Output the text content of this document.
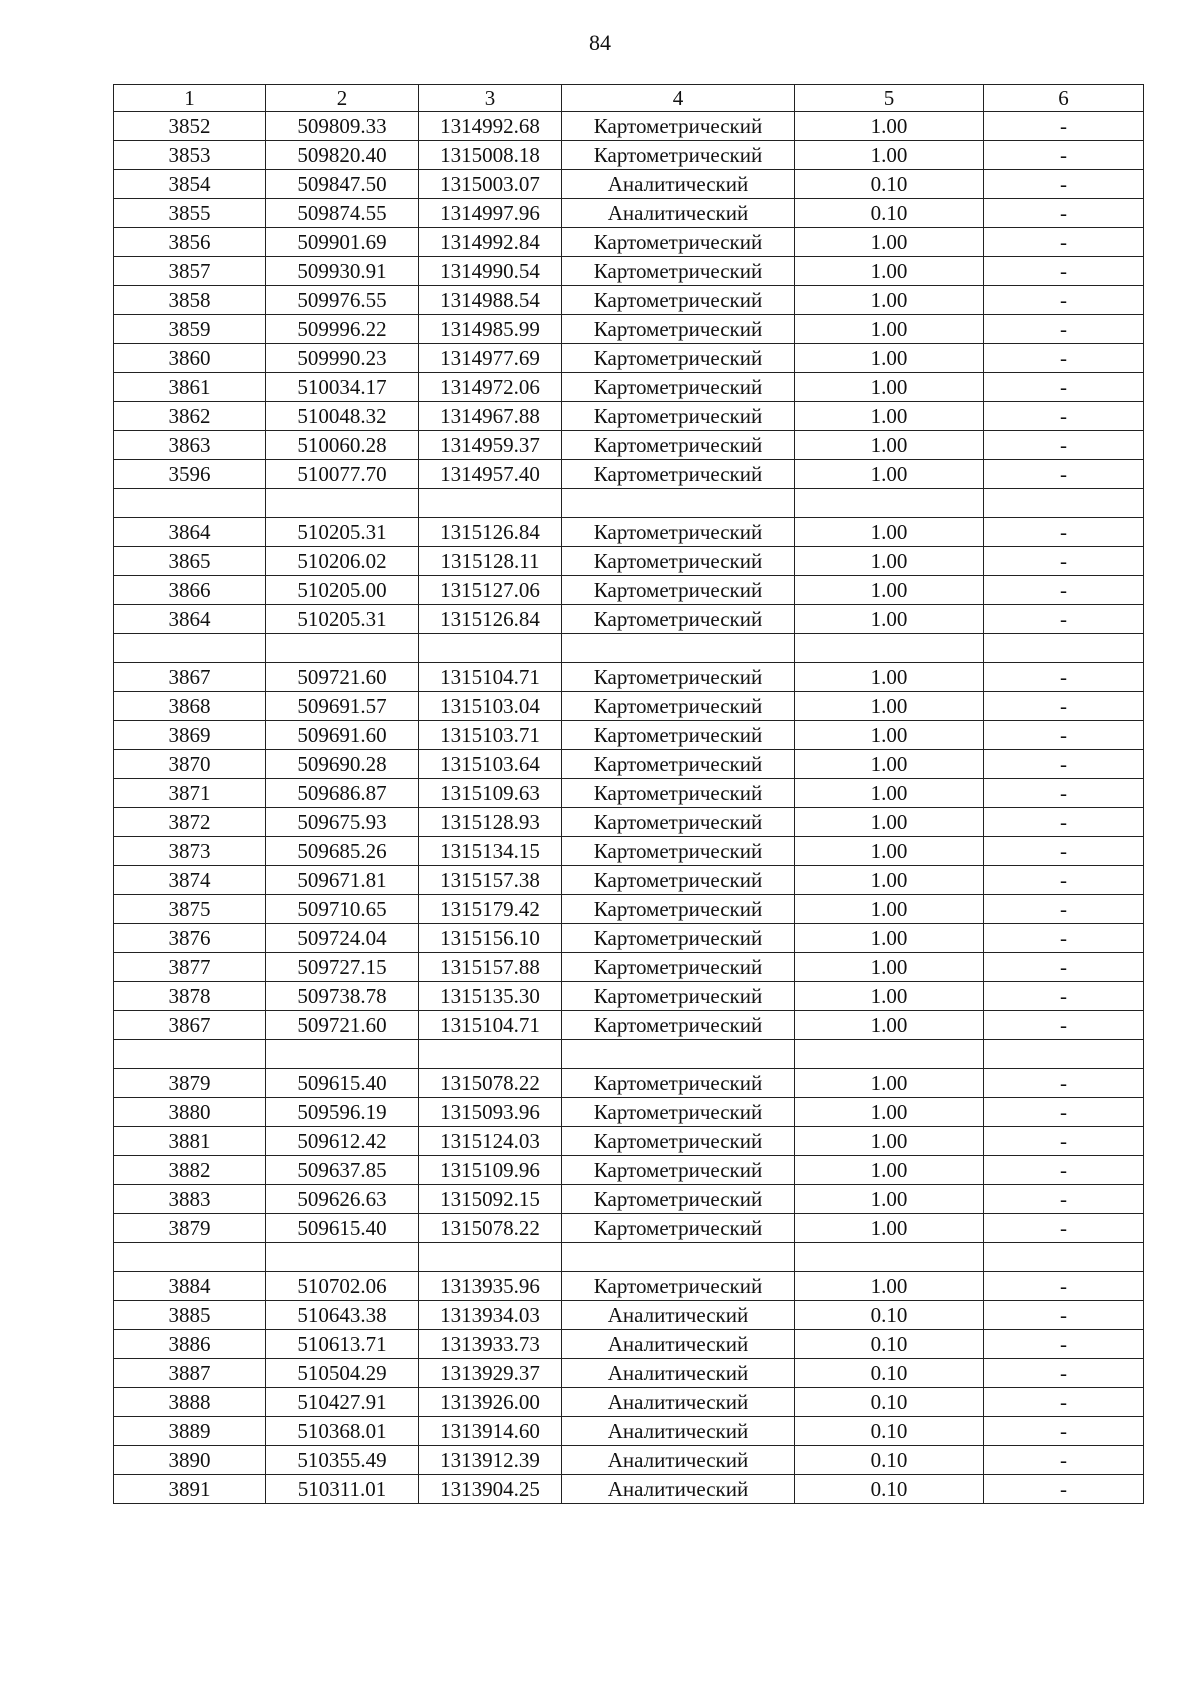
84
1	2	3	4	5	6
3852	509809.33	1314992.68	Картометрический	1.00	-
3853	509820.40	1315008.18	Картометрический	1.00	-
3854	509847.50	1315003.07	Аналитический	0.10	-
3855	509874.55	1314997.96	Аналитический	0.10	-
3856	509901.69	1314992.84	Картометрический	1.00	-
3857	509930.91	1314990.54	Картометрический	1.00	-
3858	509976.55	1314988.54	Картометрический	1.00	-
3859	509996.22	1314985.99	Картометрический	1.00	-
3860	509990.23	1314977.69	Картометрический	1.00	-
3861	510034.17	1314972.06	Картометрический	1.00	-
3862	510048.32	1314967.88	Картометрический	1.00	-
3863	510060.28	1314959.37	Картометрический	1.00	-
3596	510077.70	1314957.40	Картометрический	1.00	-

3864	510205.31	1315126.84	Картометрический	1.00	-
3865	510206.02	1315128.11	Картометрический	1.00	-
3866	510205.00	1315127.06	Картометрический	1.00	-
3864	510205.31	1315126.84	Картометрический	1.00	-

3867	509721.60	1315104.71	Картометрический	1.00	-
3868	509691.57	1315103.04	Картометрический	1.00	-
3869	509691.60	1315103.71	Картометрический	1.00	-
3870	509690.28	1315103.64	Картометрический	1.00	-
3871	509686.87	1315109.63	Картометрический	1.00	-
3872	509675.93	1315128.93	Картометрический	1.00	-
3873	509685.26	1315134.15	Картометрический	1.00	-
3874	509671.81	1315157.38	Картометрический	1.00	-
3875	509710.65	1315179.42	Картометрический	1.00	-
3876	509724.04	1315156.10	Картометрический	1.00	-
3877	509727.15	1315157.88	Картометрический	1.00	-
3878	509738.78	1315135.30	Картометрический	1.00	-
3867	509721.60	1315104.71	Картометрический	1.00	-

3879	509615.40	1315078.22	Картометрический	1.00	-
3880	509596.19	1315093.96	Картометрический	1.00	-
3881	509612.42	1315124.03	Картометрический	1.00	-
3882	509637.85	1315109.96	Картометрический	1.00	-
3883	509626.63	1315092.15	Картометрический	1.00	-
3879	509615.40	1315078.22	Картометрический	1.00	-

3884	510702.06	1313935.96	Картометрический	1.00	-
3885	510643.38	1313934.03	Аналитический	0.10	-
3886	510613.71	1313933.73	Аналитический	0.10	-
3887	510504.29	1313929.37	Аналитический	0.10	-
3888	510427.91	1313926.00	Аналитический	0.10	-
3889	510368.01	1313914.60	Аналитический	0.10	-
3890	510355.49	1313912.39	Аналитический	0.10	-
3891	510311.01	1313904.25	Аналитический	0.10	-
